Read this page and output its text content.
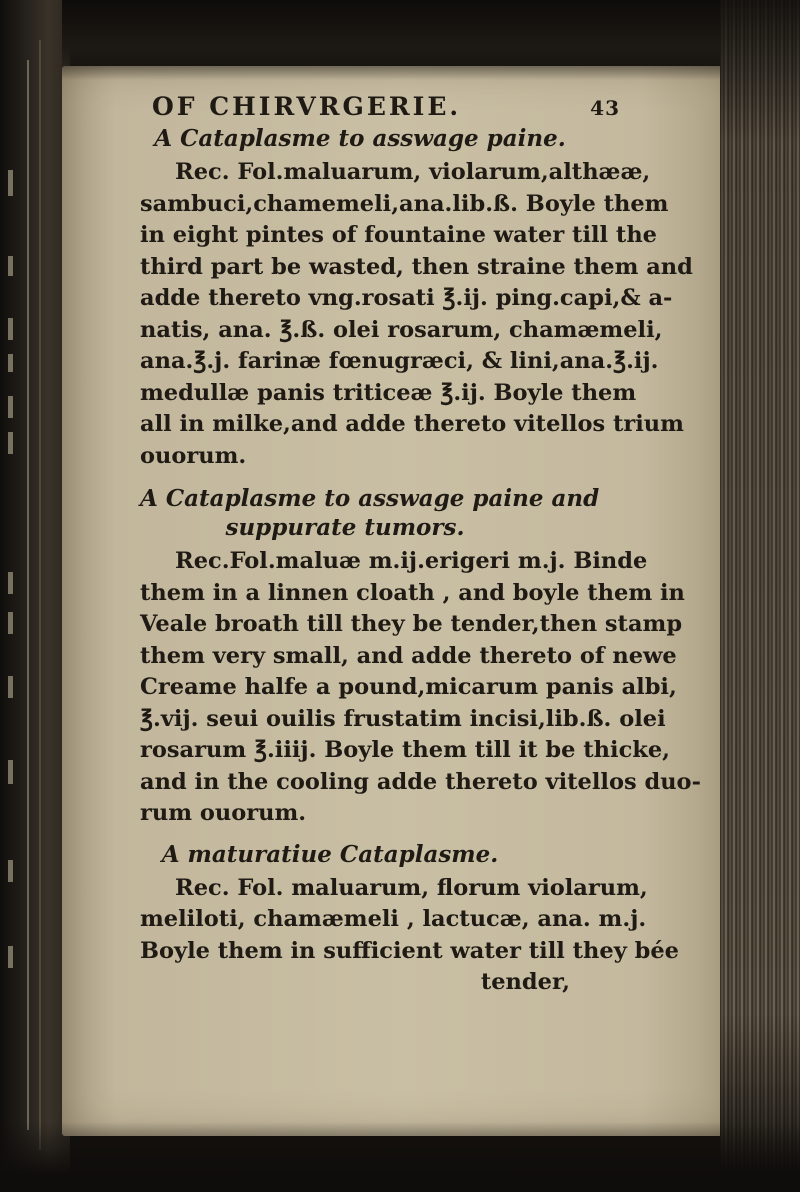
OF CHIRVRGERIE.	43
A Cataplasme to asswage paine.
Rec. Fol.maluarum, violarum,althææ,
sambuci,chamemeli,ana.lib.ß. Boyle them
in eight pintes of fountaine water till the
third part be wasted, then straine them and
adde thereto vng.rosati ℥.ij. ping.capi,& a-
natis, ana. ℥.ß. olei rosarum, chamæmeli,
ana.℥.j. farinæ fœnugræci, & lini,ana.℥.ij.
medullæ panis triticeæ ℥.ij. Boyle them
all in milke,and adde thereto vitellos trium
ouorum.
A Cataplasme to asswage paine and
suppurate tumors.
Rec.Fol.maluæ m.ij.erigeri m.j. Binde
them in a linnen cloath , and boyle them in
Veale broath till they be tender,then stamp
them very small, and adde thereto of newe
Creame halfe a pound,micarum panis albi,
℥.vij. seui ouilis frustatim incisi,lib.ß. olei
rosarum ℥.iiij. Boyle them till it be thicke,
and in the cooling adde thereto vitellos duo-
rum ouorum.
A maturatiue Cataplasme.
Rec. Fol. maluarum, florum violarum,
meliloti, chamæmeli , lactucæ, ana. m.j.
Boyle them in sufficient water till they bée
tender,
